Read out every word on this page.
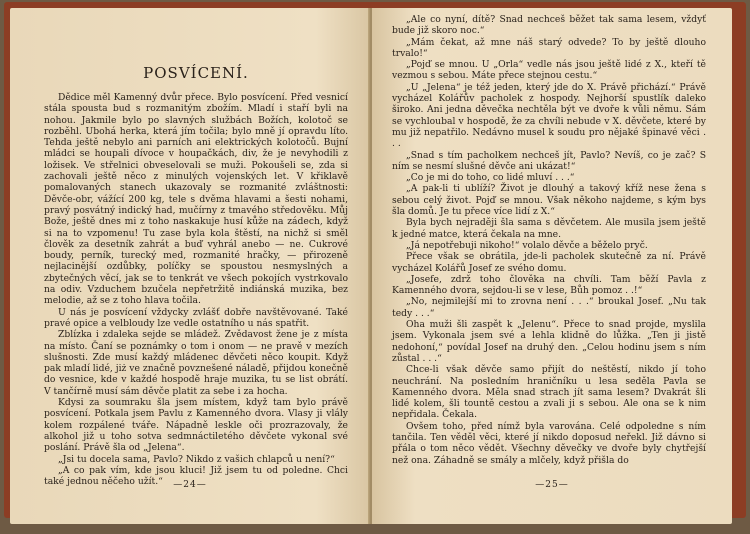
POSVÍCENÍ.

Dědice měl Kamenný dvůr přece. Bylo posvícení. Před vesnicí stála spousta bud s rozmanitým zbožím. Mladí i staří byli na nohou. Jakmile bylo po slavných službách Božích, kolotoč se rozběhl. Ubohá herka, která jím točila; bylo mně jí opravdu líto. Tehda ještě nebylo ani parních ani elektrických kolotočů. Bujní mládci se houpali dívoce v houpačkách, div, že je nevyhodili z ložisek. Ve střelnici obveselovali se muži. Pokoušeli se, zda si zachovali ještě něco z minulých vojenských let. V křiklavě pomalovaných stanech ukazovaly se rozmanité zvláštnosti: Děvče-obr, vážící 200 kg, tele s dvěma hlavami a šesti nohami, pravý posvátný indický had, mučírny z tmavého středověku. Můj Bože, ještě dnes mi z toho naskakuje husí kůže na zádech, když si na to vzpomenu! Tu zase byla kola štěstí, na nichž si směl člověk za desetník zahrát a buď vyhrál anebo — ne. Cukrové boudy, perník, turecký med, rozmanité hračky, — přirozeně nejlacinější ozdůbky, políčky se spoustou nesmyslných a zbytečných věcí, jak se to tenkrát ve všech pokojích vystrkovalo na odiv. Vzduchem bzučela nepřetržitě indiánská muzika, bez melodie, až se z toho hlava točila.

U nás je posvícení vždycky zvlášť dobře navštěvované. Také pravé opice a velbloudy lze vedle ostatního u nás spatřit.

Zblízka i zdaleka sejde se mládež. Zvědavost žene je z místa na místo. Čaní se poznámky o tom i onom — ne pravě v mezích slušnosti. Zde musí každý mládenec děvčeti něco koupit. Když pak mladí lidé, jiż ve značně povznešené náladě, přijdou konečně do vesnice, kde v každé hospodě hraje muzika, tu se list obrátí. V tančírně musí sám děvče platit za sebe i za hocha.

Kdysi za soumraku šla jsem místem, když tam bylo právě posvícení. Potkala jsem Pavlu z Kamenného dvora. Vlasy ji vlály kolem rozpálené tváře. Nápadně leskle oči prozrazovaly, že alkohol již u toho sotva sedmnáctiletého děvčete vykonal své poslání. Právě šla od „Jelena“.

„Jsi tu docela sama, Pavlo? Nikdo z vašich chlapců u není?“

„A co pak vím, kde jsou kluci! Již jsem tu od poledne. Chci také jednou něčeho užít.“	—24—

„Ale co nyní, dítě? Snad nechceš běžet tak sama lesem, vždyť bude již skoro noc.“

„Mám čekat, až mne náš starý odvede? To by ještě dlouho trvalo!“

„Pojď se mnou. U „Orla“ vedle nás jsou ještě lidé z X., kteří tě vezmou s sebou. Máte přece stejnou cestu.“

„U „Jelena“ je též jeden, který jde do X. Právě přichází.“ Právě vycházel Kolářův pacholek z hospody. Nejhorší spustlík daleko široko. Ani jedna děvečka nechtěla být ve dvoře k vůli němu. Sám se vychloubal v hospodě, že za chvíli nebude v X. děvčete, které by mu již nepatřilo. Nedávno musel k soudu pro nějaké špinavé věci . . .

„Snad s tím pacholkem nechceš jít, Pavlo? Nevíš, co je zač? S ním se nesmí slušné děvče ani ukázat!“

„Co je mi do toho, co lidé mluví . . .“

„A pak-li ti ublíží? Život je dlouhý a takový kříž nese žena s sebou celý život. Pojď se mnou. Však někoho najdeme, s kým bys šla domů. Je tu přece více lidí z X.“

Byla bych nejraději šla sama s děvčetem. Ale musila jsem ještě k jedné matce, která čekala na mne.

„Já nepotřebuji nikoho!“ volalo děvče a běželo pryč.

Přece však se obrátila, jde-li pacholek skutečně za ní. Právě vycházel Kolářů Josef ze svého domu.

„Josefe, zdrž toho člověka na chvíli. Tam běží Pavla z Kamenného dvora, sejdou-li se v lese, Bůh pomoz . .!“

„No, nejmilejší mi to zrovna není . . .“ broukal Josef. „Nu tak tedy . . .“

Oha muži šli zaspět k „Jelenu“. Přece to snad projde, myslila jsem. Vykonala jsem své a lehla klidně do lůžka. „Ten ji jistě nedohoní,“ povídal Josef na druhý den. „Celou hodinu jsem s ním zůstal . . .“

Chce-li však děvče samo přijít do neštěstí, nikdo jí toho neuchrání. Na posledním hraničníku u lesa seděla Pavla se Kamenného dvora. Měla snad strach jít sama lesem? Dvakrát šli lidé kolem, šli tountě cestou a zvali ji s sebou. Ale ona se k nim nepřidala. Čekala.

Ovšem toho, před nímž byla varována. Celé odpoledne s ním tančila. Ten věděl věci, které jí nikdo doposud neřekl. Již dávno si přála o tom něco vědět. Všechny děvečky ve dvoře byly chytřejší než ona. Záhadně se smály a mlčely, když přišla do

—25—
